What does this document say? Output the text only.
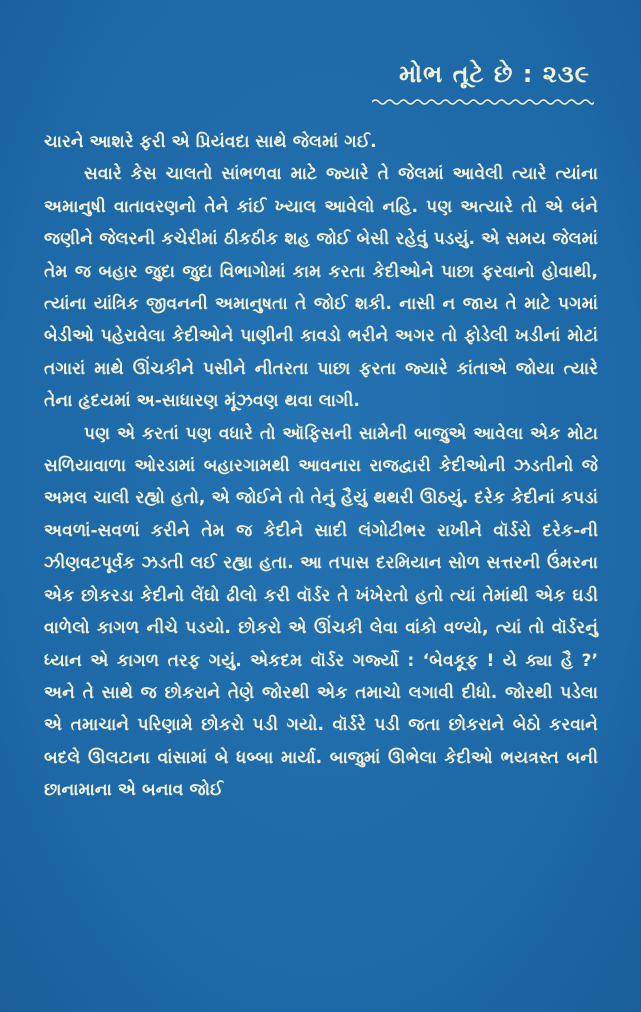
મોભ તૂટે છે : ૨૩૯

ચારને આશરે ફરી એ પ્રિયંવદા સાથે જેલમાં ગઈ.

સવારે કેસ ચાલતો સાંભળવા માટે જ્યારે તે જેલમાં આવેલી ત્યારે ત્યાંના અમાનુષી વાતાવરણનો તેને કાંઈ ખ્યાલ આવેલો નહિ. પણ અત્યારે તો એ બંને જણીને જેલરની કચેરીમાં ઠીકઠીક શહ જોઈ બેસી રહેવું પડયું. એ સમય જેલમાં તેમ જ બહાર જુદા જુદા વિભાગોમાં કામ કરતા કેદીઓને પાછા ફરવાનો હોવાથી, ત્યાંના યાંત્રિક જીવનની અમાનુષતા તે જોઈ શકી. નાસી ન જાય તે માટે પગમાં બેડીઓ પહેરાવેલા કેદીઓને પાણીની કાવડો ભરીને અગર તો ફોડેલી ખડીનાં મોટાં તગારાં માથે ઊંચકીને પસીને નીતરતા પાછા ફરતા જ્યારે કાંતાએ જોયા ત્યારે તેના હૃદયમાં અ-સાધારણ મૂંઝવણ થવા લાગી.

પણ એ કરતાં પણ વધારે તો ઑફિસની સામેની બાજુએ આવેલા એક મોટા સળિયાવાળા ઓરડામાં બહારગામથી આવનારા રાજદ્વારી કેદીઓની ઝડતીનો જે અમલ ચાલી રહ્યો હતો, એ જોઈને તો તેનું હૈયું થથરી ઊઠયું. દરેક કેદીનાં કપડાં અવળાં-સવળાં કરીને તેમ જ કેદીને સાદી લંગોટીભર રાખીને વૉર્ડરો દરેક-ની ઝીણવટપૂર્વક ઝડતી લઈ રહ્યા હતા. આ તપાસ દરમિયાન સોળ સત્તરની ઉંમરના એક છોકરડા કેદીનો લેંઘો ઢીલો કરી વૉર્ડર તે ખંખેરતો હતો ત્યાં તેમાંથી એક ઘડી વાળેલો કાગળ નીચે પડયો. છોકરો એ ઊંચકી લેવા વાંકો વળ્યો, ત્યાં તો વૉર્ડરનું ધ્યાન એ કાગળ તરફ ગયું. એકદમ વૉર્ડર ગર્જ્યો : ‘બેવકૂફ ! યે ક્યા હૈ ?’ અને તે સાથે જ છોકરાને તેણે જોરથી એક તમાચો લગાવી દીધો. જોરથી પડેલા એ તમાચાને પરિણામે છોકરો પડી ગયો. વૉર્ડરે પડી જતા છોકરાને બેઠો કરવાને બદલે ઊલટાના વાંસામાં બે ધબ્બા માર્યા. બાજુમાં ઊભેલા કેદીઓ ભયત્રસ્ત બની છાનામાના એ બનાવ જોઈ
